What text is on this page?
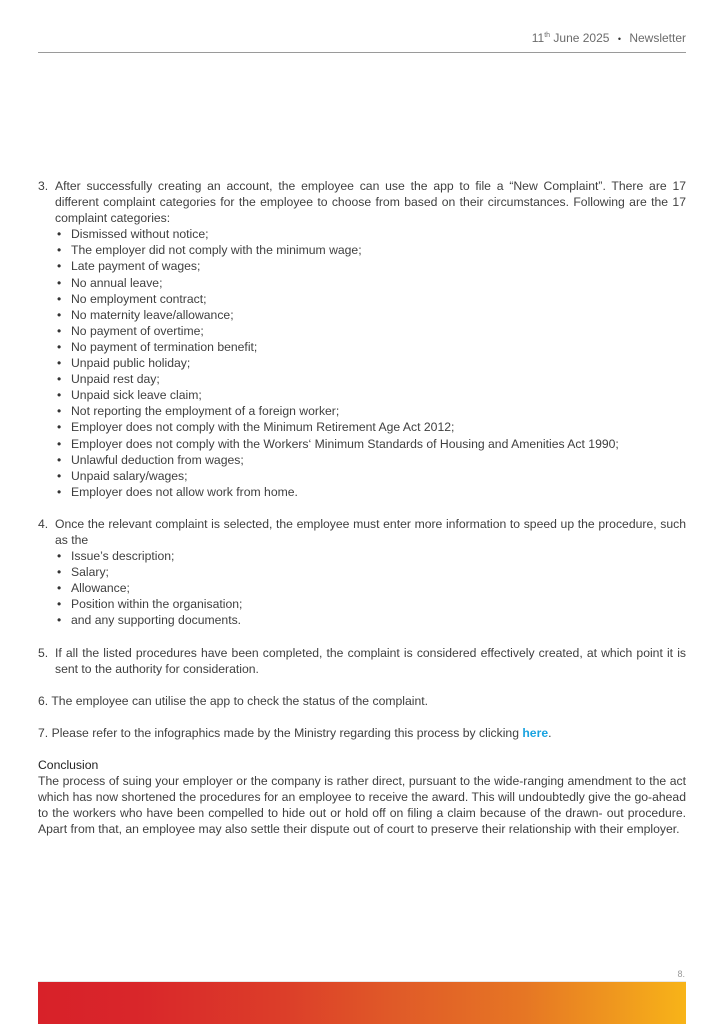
11th June 2025 • Newsletter
3. After successfully creating an account, the employee can use the app to file a “New Complaint”. There are 17 different complaint categories for the employee to choose from based on their circumstances. Following are the 17 complaint categories:
• Dismissed without notice;
• The employer did not comply with the minimum wage;
• Late payment of wages;
• No annual leave;
• No employment contract;
• No maternity leave/allowance;
• No payment of overtime;
• No payment of termination benefit;
• Unpaid public holiday;
• Unpaid rest day;
• Unpaid sick leave claim;
• Not reporting the employment of a foreign worker;
• Employer does not comply with the Minimum Retirement Age Act 2012;
• Employer does not comply with the Workers‘ Minimum Standards of Housing and Amenities Act 1990;
• Unlawful deduction from wages;
• Unpaid salary/wages;
• Employer does not allow work from home.
4. Once the relevant complaint is selected, the employee must enter more information to speed up the procedure, such as the
• Issue’s description;
• Salary;
• Allowance;
• Position within the organisation;
• and any supporting documents.
5. If all the listed procedures have been completed, the complaint is considered effectively created, at which point it is sent to the authority for consideration.
6. The employee can utilise the app to check the status of the complaint.
7. Please refer to the infographics made by the Ministry regarding this process by clicking here.
Conclusion
The process of suing your employer or the company is rather direct, pursuant to the wide-ranging amendment to the act which has now shortened the procedures for an employee to receive the award. This will undoubtedly give the go-ahead to the workers who have been compelled to hide out or hold off on filing a claim because of the drawn- out procedure. Apart from that, an employee may also settle their dispute out of court to preserve their relationship with their employer.
8.
